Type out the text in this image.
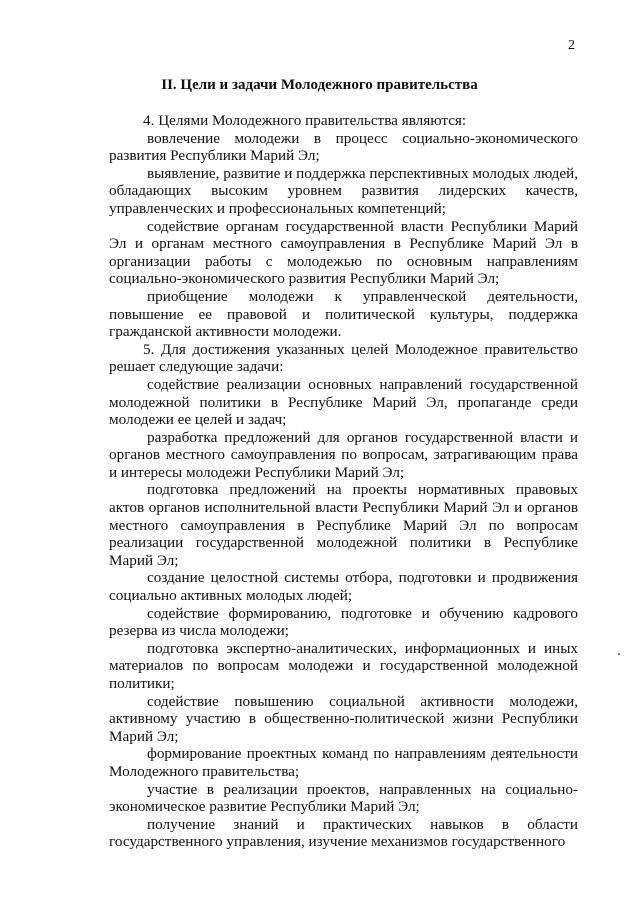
2
II. Цели и задачи Молодежного правительства

4. Целями Молодежного правительства являются:

вовлечение молодежи в процесс социально-экономического развития Республики Марий Эл;

выявление, развитие и поддержка перспективных молодых людей, обладающих высоким уровнем развития лидерских качеств, управленческих и профессиональных компетенций;

содействие органам государственной власти Республики Марий Эл и органам местного самоуправления в Республике Марий Эл в организации работы с молодежью по основным направлениям социально-экономического развития Республики Марий Эл;

приобщение молодежи к управленческой деятельности, повышение ее правовой и политической культуры, поддержка гражданской активности молодежи.

5. Для достижения указанных целей Молодежное правительство решает следующие задачи:

содействие реализации основных направлений государственной молодежной политики в Республике Марий Эл, пропаганде среди молодежи ее целей и задач;

разработка предложений для органов государственной власти и органов местного самоуправления по вопросам, затрагивающим права и интересы молодежи Республики Марий Эл;

подготовка предложений на проекты нормативных правовых актов органов исполнительной власти Республики Марий Эл и органов местного самоуправления в Республике Марий Эл по вопросам реализации государственной молодежной политики в Республике Марий Эл;

создание целостной системы отбора, подготовки и продвижения социально активных молодых людей;

содействие формированию, подготовке и обучению кадрового резерва из числа молодежи;

подготовка экспертно-аналитических, информационных и иных материалов по вопросам молодежи и государственной молодежной политики;

содействие повышению социальной активности молодежи, активному участию в общественно-политической жизни Республики Марий Эл;

формирование проектных команд по направлениям деятельности Молодежного правительства;

участие в реализации проектов, направленных на социально-экономическое развитие Республики Марий Эл;

получение знаний и практических навыков в области государственного управления, изучение механизмов государственного
